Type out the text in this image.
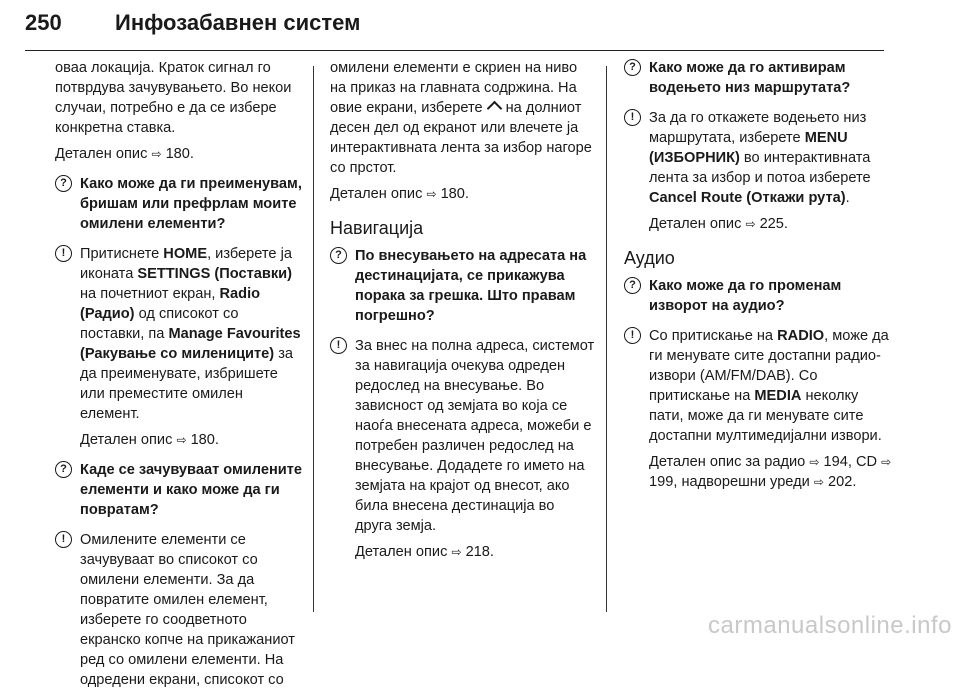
250 Инфозабавнен систем

оваа локација. Краток сигнал го потврдува зачувувањето. Во некои случаи, потребно е да се избере конкретна ставка.

Детален опис ⇨ 180.

? Како може да ги преименувам, бришам или префрлам моите омилени елементи?
!	Притиснете HOME, изберете ја иконата SETTINGS (Поставки) на почетниот екран, Radio (Радио) од списокот со поставки, па Manage Favourites (Ракување со милениците) за да преименувате, избришете или преместите омилен елемент.

Детален опис ⇨ 180.

? Каде се зачувуваат омилените елементи и како може да ги повратам?
!	Омилените елементи се зачувуваат во списокот со омилени елементи. За да повратите омилен елемент, изберете го соодветното екранско копче на прикажаниот ред со омилени елементи. На одредени екрани, списокот со

омилени елементи е скриен на ниво на приказ на главната содржина. На овие екрани, изберете на долниот десен дел од екранот или влечете ја интерактивната лента за избор нагоре со прстот.

Детален опис ⇨ 180.

Навигација
? По внесувањето на адресата на дестинацијата, се прикажува порака за грешка. Што правам погрешно?
!	За внес на полна адреса, системот за навигација очекува одреден редослед на внесување. Во зависност од земјата во која се наоѓа внесената адреса, можеби е потребен различен редослед на внесување. Додадете го името на земјата на крајот од внесот, ако била внесена дестинација во друга земја.

Детален опис ⇨ 218.

? Како може да го активирам водењето низ маршрутата?
!	За да го откажете водењето низ маршрутата, изберете MENU (ИЗБОРНИК) во интерактивната лента за избор и потоа изберете Cancel Route (Откажи рута).

Детален опис ⇨ 225.

Аудио
? Како може да го променам изворот на аудио?
!	Со притискање на RADIO, може да ги менувате сите достапни радио-извори (AM/FM/DAB). Со притискање на MEDIA неколку пати, може да ги менувате сите достапни мултимедијални извори.

Детален опис за радио ⇨ 194, CD ⇨ 199, надворешни уреди ⇨ 202.

carmanualsonline.info
